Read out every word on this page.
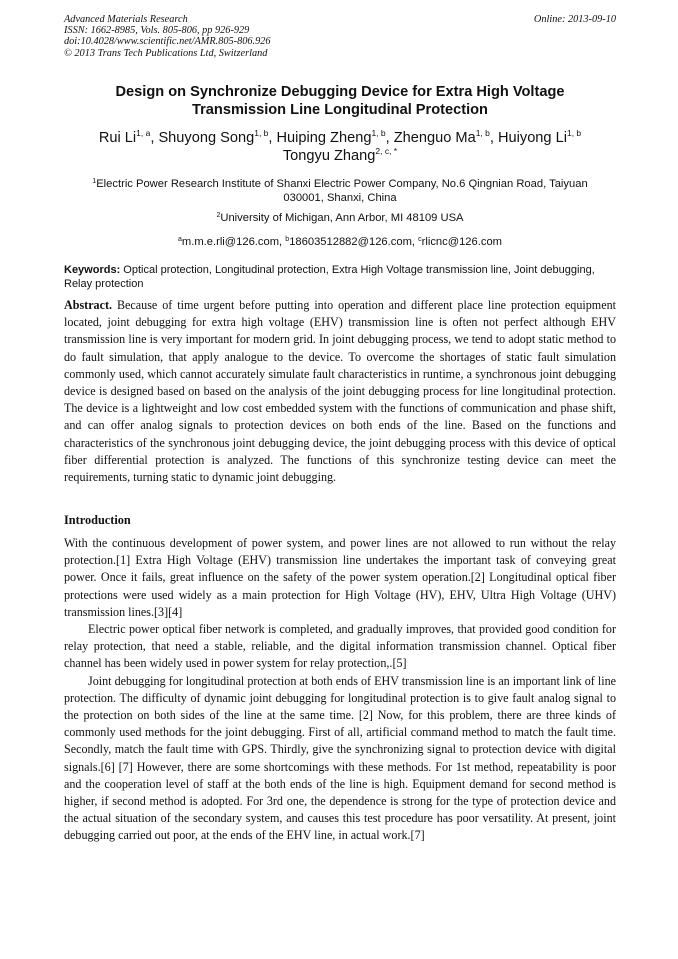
Advanced Materials Research
ISSN: 1662-8985, Vols. 805-806, pp 926-929
doi:10.4028/www.scientific.net/AMR.805-806.926
© 2013 Trans Tech Publications Ltd, Switzerland
Online: 2013-09-10
Design on Synchronize Debugging Device for Extra High Voltage
Transmission Line Longitudinal Protection
Rui Li$^{1, a}$, Shuyong Song$^{1, b}$, Huiping Zheng$^{1, b}$, Zhenguo Ma$^{1, b}$, Huiyong Li$^{1, b}$
Tongyu Zhang$^{2, c, *}$
$^1$Electric Power Research Institute of Shanxi Electric Power Company, No.6 Qingnian Road, Taiyuan
030001, Shanxi, China
$^2$University of Michigan, Ann Arbor, MI 48109 USA
$^a$m.m.e.rli@126.com, $^b$18603512882@126.com, $^c$rlicnc@126.com
Keywords: Optical protection, Longitudinal protection, Extra High Voltage transmission line, Joint debugging, Relay protection

Abstract. Because of time urgent before putting into operation and different place line protection equipment located, joint debugging for extra high voltage (EHV) transmission line is often not perfect although EHV transmission line is very important for modern grid. In joint debugging process, we tend to adopt static method to do fault simulation, that apply analogue to the device. To overcome the shortages of static fault simulation commonly used, which cannot accurately simulate fault characteristics in runtime, a synchronous joint debugging device is designed based on based on the analysis of the joint debugging process for line longitudinal protection. The device is a lightweight and low cost embedded system with the functions of communication and phase shift, and can offer analog signals to protection devices on both ends of the line. Based on the functions and characteristics of the synchronous joint debugging device, the joint debugging process with this device of optical fiber differential protection is analyzed. The functions of this synchronize testing device can meet the requirements, turning static to dynamic joint debugging.

Introduction

With the continuous development of power system, and power lines are not allowed to run without the relay protection.[1] Extra High Voltage (EHV) transmission line undertakes the important task of conveying great power. Once it fails, great influence on the safety of the power system operation.[2] Longitudinal optical fiber protections were used widely as a main protection for High Voltage (HV), EHV, Ultra High Voltage (UHV) transmission lines.[3][4]

Electric power optical fiber network is completed, and gradually improves, that provided good condition for relay protection, that need a stable, reliable, and the digital information transmission channel. Optical fiber channel has been widely used in power system for relay protection,.[5]

Joint debugging for longitudinal protection at both ends of EHV transmission line is an important link of line protection. The difficulty of dynamic joint debugging for longitudinal protection is to give fault analog signal to the protection on both sides of the line at the same time. [2] Now, for this problem, there are three kinds of commonly used methods for the joint debugging. First of all, artificial command method to match the fault time. Secondly, match the fault time with GPS. Thirdly, give the synchronizing signal to protection device with digital signals.[6] [7] However, there are some shortcomings with these methods. For 1st method, repeatability is poor and the cooperation level of staff at the both ends of the line is high. Equipment demand for second method is higher, if second method is adopted. For 3rd one, the dependence is strong for the type of protection device and the actual situation of the secondary system, and causes this test procedure has poor versatility. At present, joint debugging carried out poor, at the ends of the EHV line, in actual work.[7]
